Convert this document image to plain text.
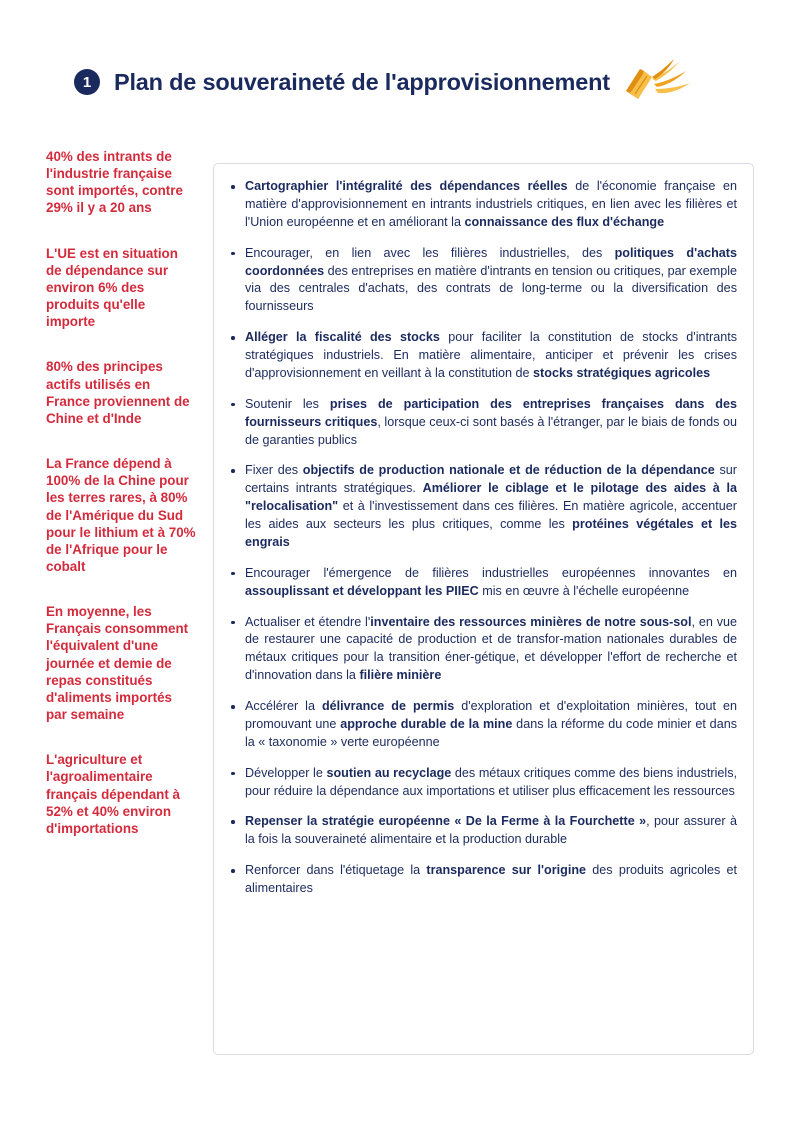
1 Plan de souveraineté de l'approvisionnement
40% des intrants de l'industrie française sont importés, contre 29% il y a 20 ans
L'UE est en situation de dépendance sur environ 6% des produits qu'elle importe
80% des principes actifs utilisés en France proviennent de Chine et d'Inde
La France dépend à 100% de la Chine pour les terres rares, à 80% de l'Amérique du Sud pour le lithium et à 70% de l'Afrique pour le cobalt
En moyenne, les Français consomment l'équivalent d'une journée et demie de repas constitués d'aliments importés par semaine
L'agriculture et l'agroalimentaire français dépendant à 52% et 40% environ d'importations
Cartographier l'intégralité des dépendances réelles de l'économie française en matière d'approvisionnement en intrants industriels critiques, en lien avec les filières et l'Union européenne et en améliorant la connaissance des flux d'échange
Encourager, en lien avec les filières industrielles, des politiques d'achats coordonnées des entreprises en matière d'intrants en tension ou critiques, par exemple via des centrales d'achats, des contrats de long-terme ou la diversification des fournisseurs
Alléger la fiscalité des stocks pour faciliter la constitution de stocks d'intrants stratégiques industriels. En matière alimentaire, anticiper et prévenir les crises d'approvisionnement en veillant à la constitution de stocks stratégiques agricoles
Soutenir les prises de participation des entreprises françaises dans des fournisseurs critiques, lorsque ceux-ci sont basés à l'étranger, par le biais de fonds ou de garanties publics
Fixer des objectifs de production nationale et de réduction de la dépendance sur certains intrants stratégiques. Améliorer le ciblage et le pilotage des aides à la "relocalisation" et à l'investissement dans ces filières. En matière agricole, accentuer les aides aux secteurs les plus critiques, comme les protéines végétales et les engrais
Encourager l'émergence de filières industrielles européennes innovantes en assouplissant et développant les PIIEC mis en œuvre à l'échelle européenne
Actualiser et étendre l'inventaire des ressources minières de notre sous-sol, en vue de restaurer une capacité de production et de transfor-mation nationales durables de métaux critiques pour la transition éner-gétique, et développer l'effort de recherche et d'innovation dans la filière minière
Accélérer la délivrance de permis d'exploration et d'exploitation minières, tout en promouvant une approche durable de la mine dans la réforme du code minier et dans la « taxonomie » verte européenne
Développer le soutien au recyclage des métaux critiques comme des biens industriels, pour réduire la dépendance aux importations et utiliser plus efficacement les ressources
Repenser la stratégie européenne « De la Ferme à la Fourchette », pour assurer à la fois la souveraineté alimentaire et la production durable
Renforcer dans l'étiquetage la transparence sur l'origine des produits agricoles et alimentaires
